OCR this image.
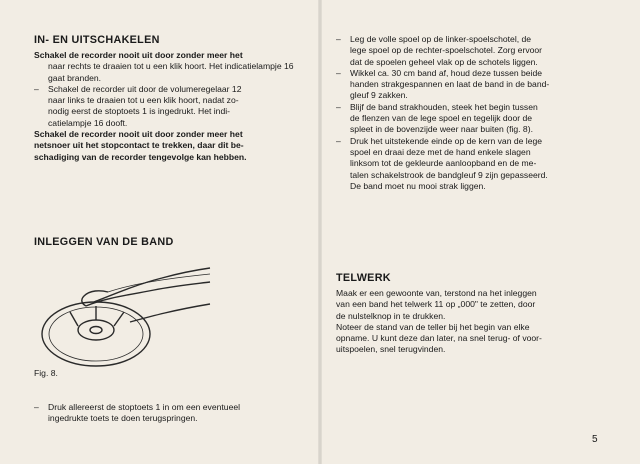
IN- EN UITSCHAKELEN

Schakel de recorder nooit uit door zonder meer het

naar rechts te draaien tot u een klik hoort. Het indicatielampje 16 gaat branden.

– Schakel de recorder uit door de volumeregelaar 12

naar links te draaien tot u een klik hoort, nadat zo-

nodig eerst de stoptoets 1 is ingedrukt. Het indi-

catielampje 16 dooft.

Schakel de recorder nooit uit door zonder meer het

netsnoer uit het stopcontact te trekken, daar dit be-

schadiging van de recorder tengevolge kan hebben.

INLEGGEN VAN DE BAND

Fig. 8.

– Druk allereerst de stoptoets 1 in om een eventueel

ingedrukte toets te doen terugspringen.

– Leg de volle spoel op de linker-spoelschotel, de

lege spoel op de rechter-spoelschotel. Zorg ervoor

dat de spoelen geheel vlak op de schotels liggen.

– Wikkel ca. 30 cm band af, houd deze tussen beide

handen strakgespannen en laat de band in de band-

gleuf 9 zakken.

– Blijf de band strakhouden, steek het begin tussen

de flenzen van de lege spoel en tegelijk door de

spleet in de bovenzijde weer naar buiten (fig. 8).

– Druk het uitstekende einde op de kern van de lege

spoel en draai deze met de hand enkele slagen

linksom tot de gekleurde aanloopband en de me-

talen schakelstrook de bandgleuf 9 zijn gepasseerd.

De band moet nu mooi strak liggen.

TELWERK

Maak er een gewoonte van, terstond na het inleggen

van een band het telwerk 11 op „000" te zetten, door

de nulstelknop in te drukken.

Noteer de stand van de teller bij het begin van elke

opname. U kunt deze dan later, na snel terug- of voor-

uitspoelen, snel terugvinden.

5
